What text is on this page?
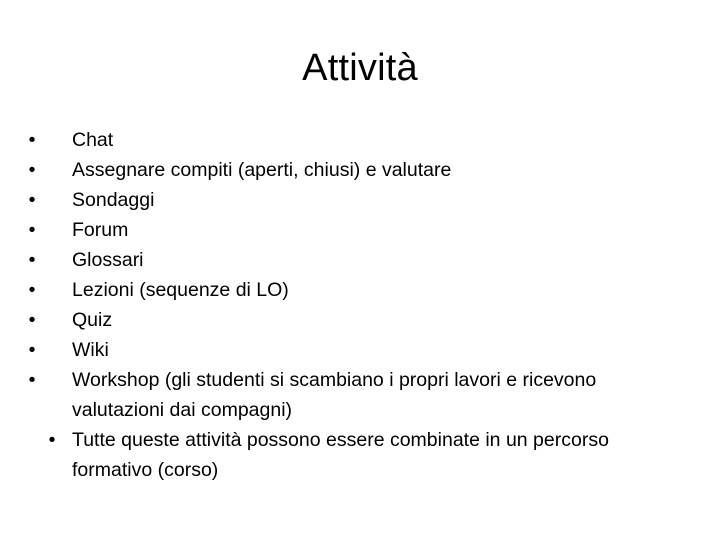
Attività
• Chat
• Assegnare compiti (aperti, chiusi) e valutare
• Sondaggi
• Forum
• Glossari
• Lezioni (sequenze di LO)
• Quiz
• Wiki
• Workshop (gli studenti si scambiano i propri lavori e ricevono valutazioni dai compagni)
• Tutte queste attività possono essere combinate in un percorso formativo (corso)
